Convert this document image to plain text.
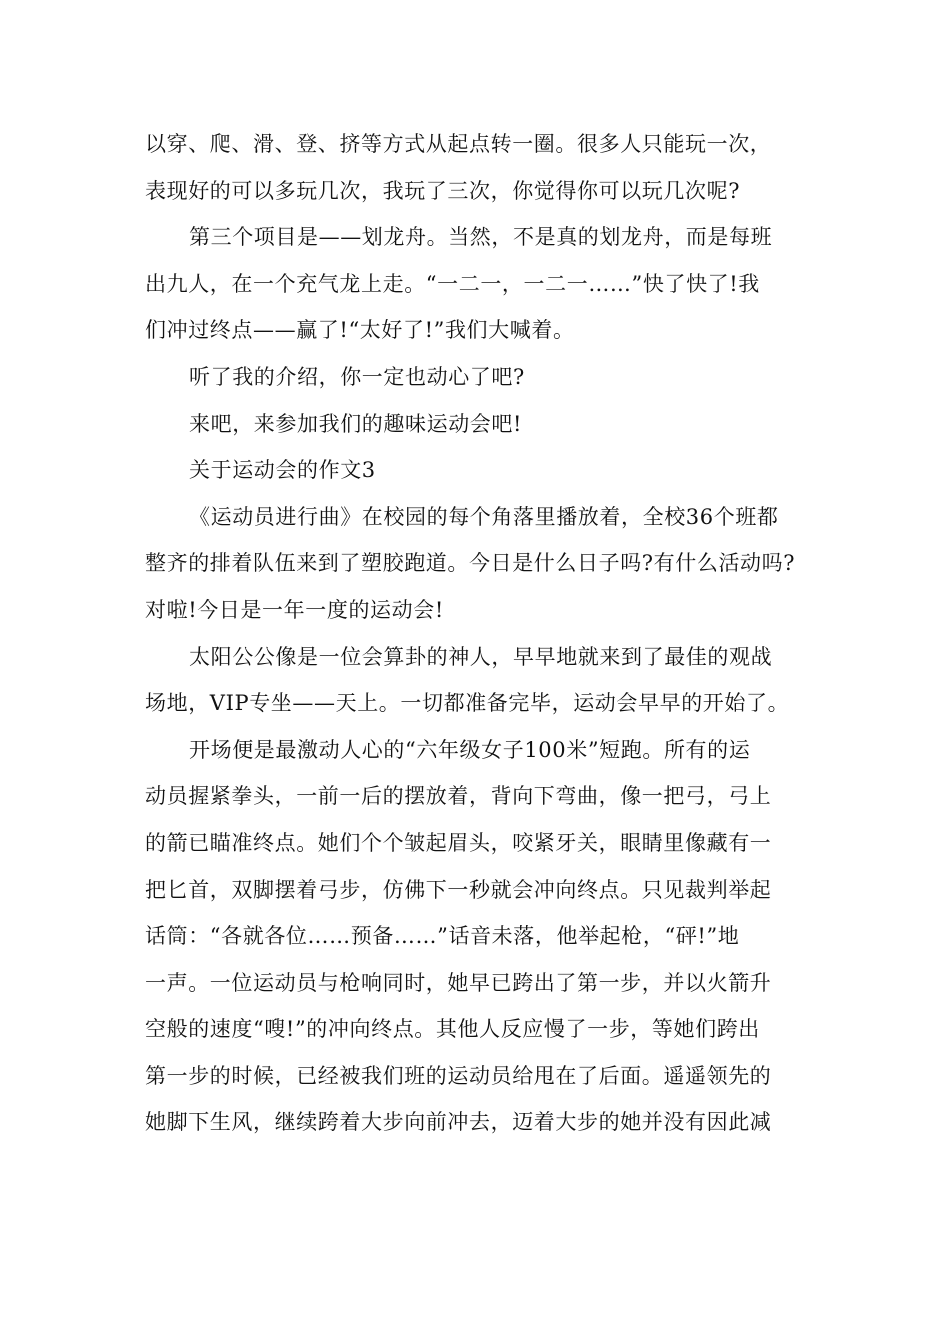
以穿、爬、滑、登、挤等方式从起点转一圈。很多人只能玩一次，
表现好的可以多玩几次，我玩了三次，你觉得你可以玩几次呢?
第三个项目是——划龙舟。当然，不是真的划龙舟，而是每班
出九人，在一个充气龙上走。“一二一，一二一……”快了快了!我
们冲过终点——赢了!“太好了!”我们大喊着。
听了我的介绍，你一定也动心了吧?
来吧，来参加我们的趣味运动会吧!
关于运动会的作文3
《运动员进行曲》在校园的每个角落里播放着，全校36个班都
整齐的排着队伍来到了塑胶跑道。今日是什么日子吗?有什么活动吗?
对啦!今日是一年一度的运动会!
太阳公公像是一位会算卦的神人，早早地就来到了最佳的观战
场地，VIP专坐——天上。一切都准备完毕，运动会早早的开始了。
开场便是最激动人心的“六年级女子100米”短跑。所有的运
动员握紧拳头，一前一后的摆放着，背向下弯曲，像一把弓，弓上
的箭已瞄准终点。她们个个皱起眉头，咬紧牙关，眼睛里像藏有一
把匕首，双脚摆着弓步，仿佛下一秒就会冲向终点。只见裁判举起
话筒：“各就各位……预备……”话音未落，他举起枪，“砰!”地
一声。一位运动员与枪响同时，她早已跨出了第一步，并以火箭升
空般的速度“嗖!”的冲向终点。其他人反应慢了一步，等她们跨出
第一步的时候，已经被我们班的运动员给甩在了后面。遥遥领先的
她脚下生风，继续跨着大步向前冲去，迈着大步的她并没有因此减
